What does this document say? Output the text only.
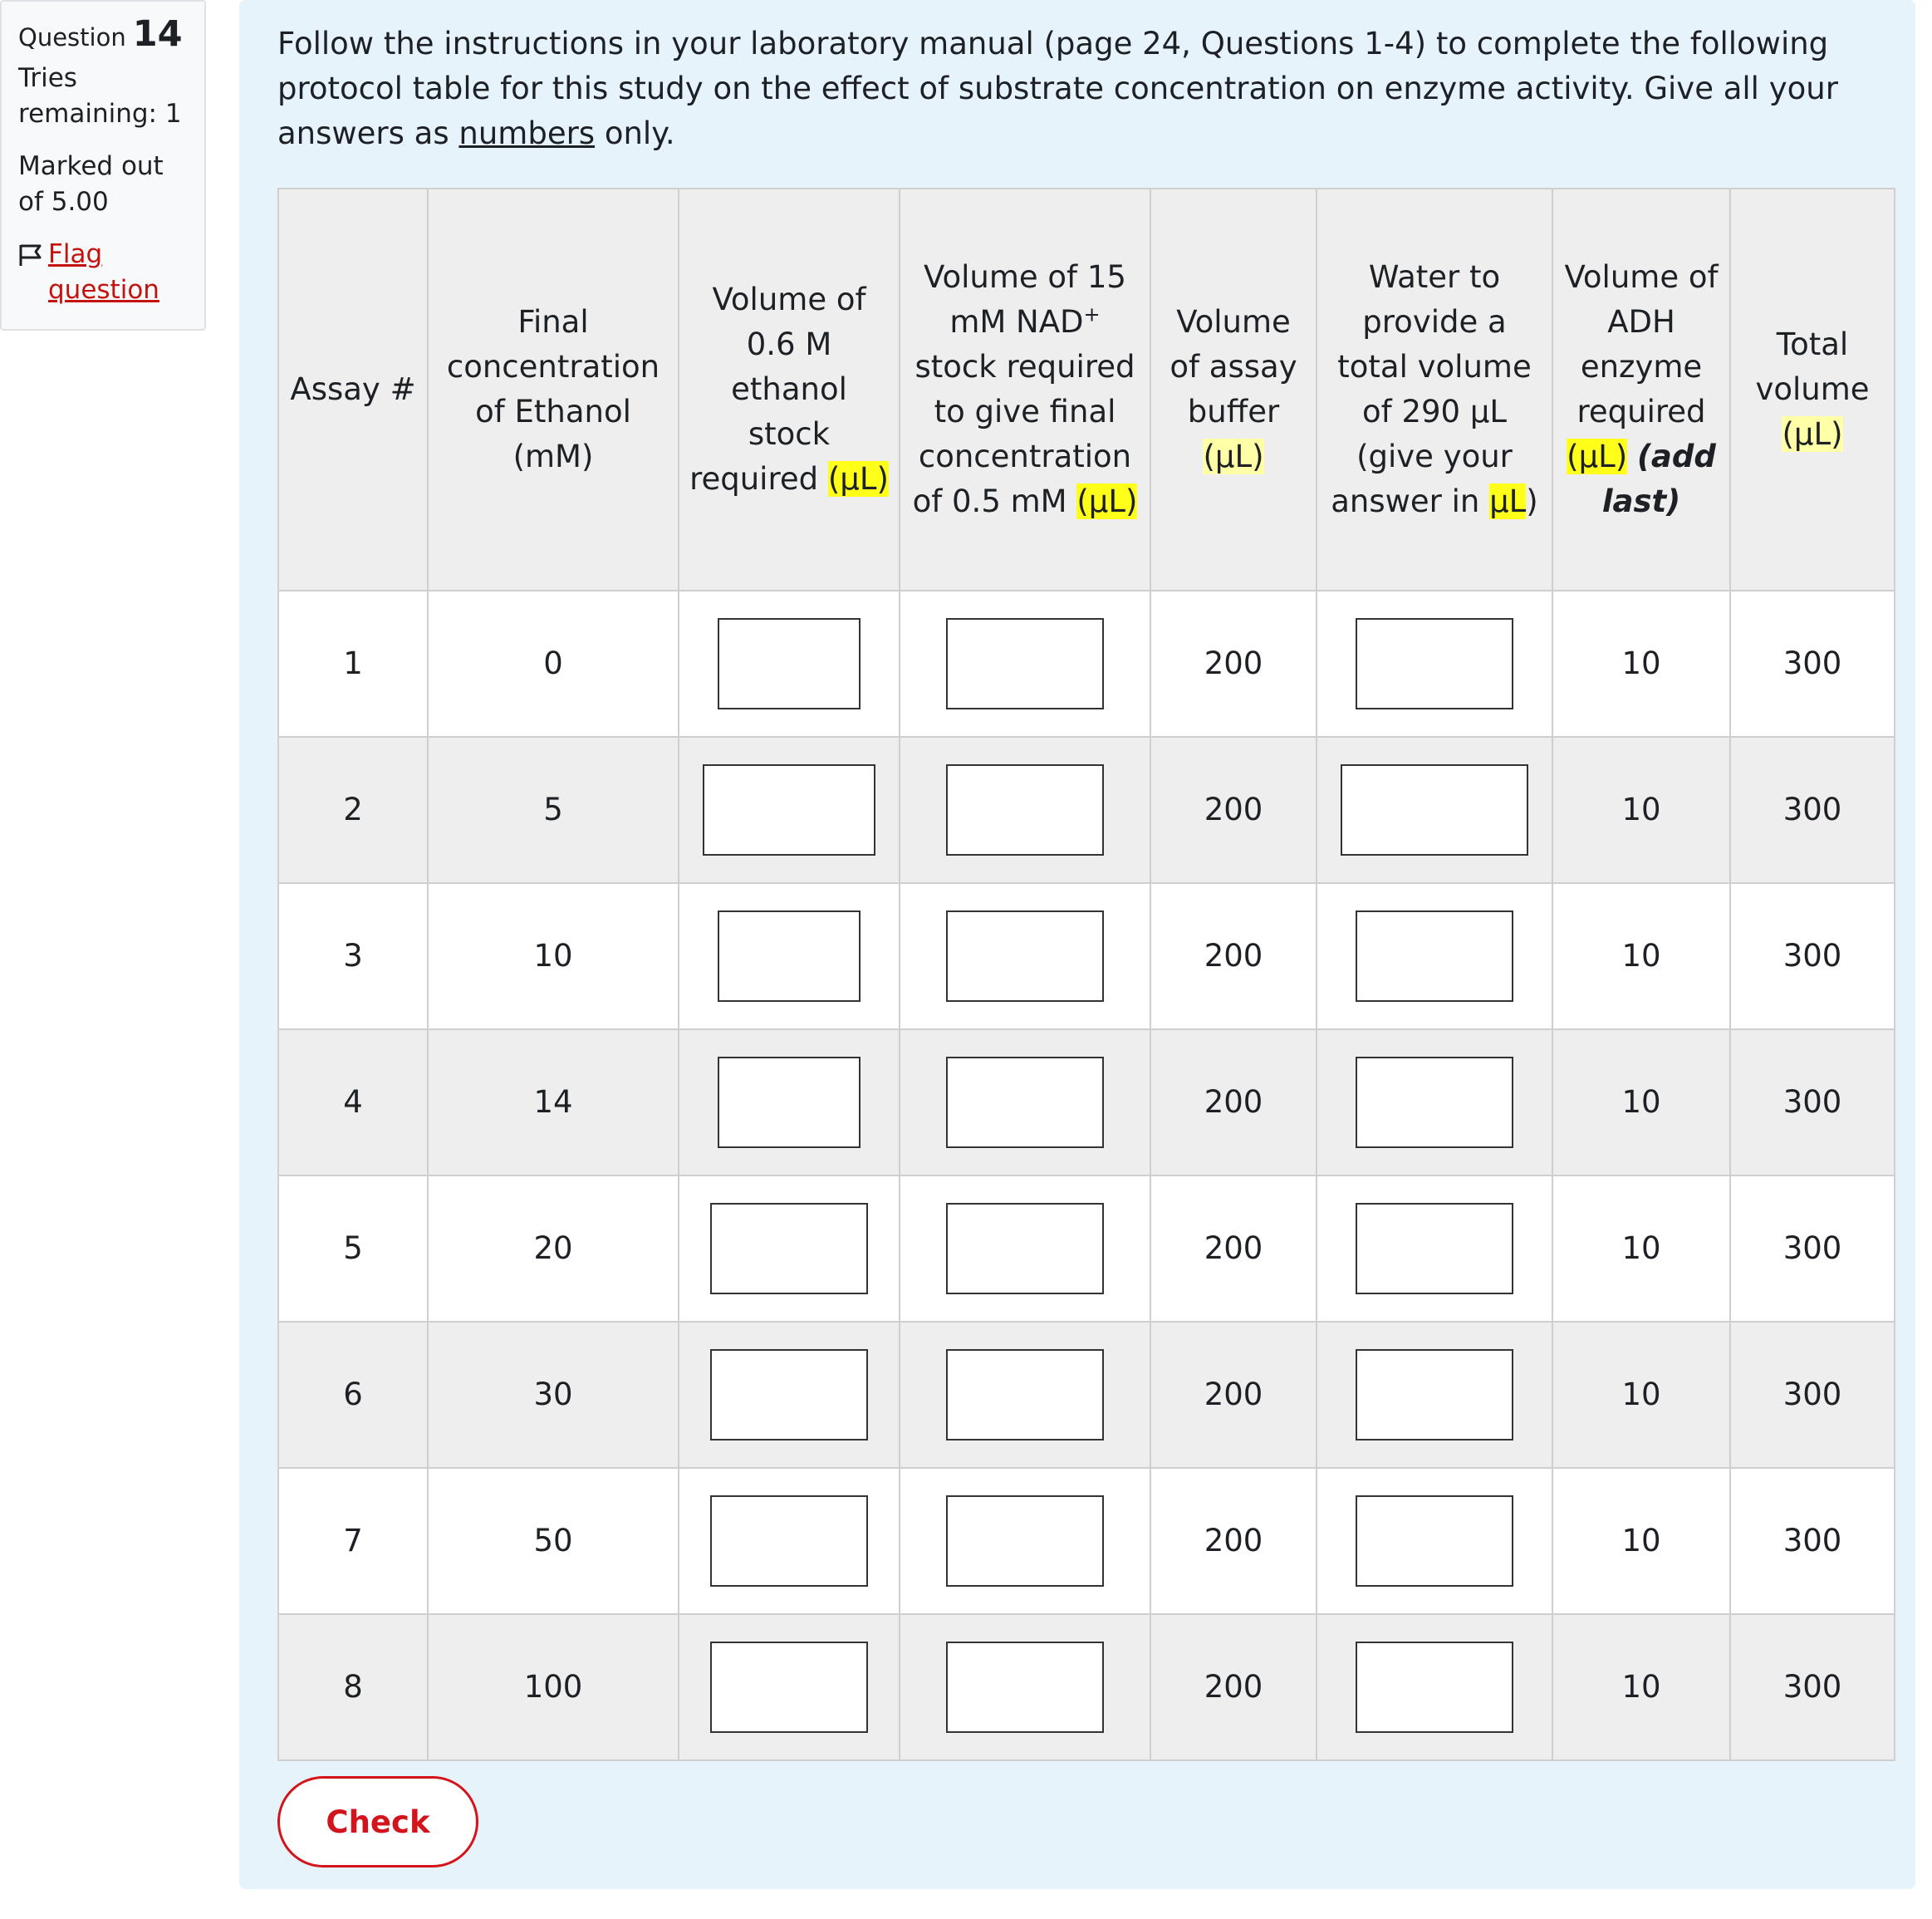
Question 14
Tries remaining: 1
Marked out of 5.00
Flag question

Follow the instructions in your laboratory manual (page 24, Questions 1-4) to complete the following protocol table for this study on the effect of substrate concentration on enzyme activity. Give all your answers as numbers only.

Assay #	Final concentration of Ethanol (mM)	Volume of 0.6 M ethanol stock required (µL)	Volume of 15 mM NAD+ stock required to give final concentration of 0.5 mM (µL)	Volume of assay buffer (µL)	Water to provide a total volume of 290 µL (give your answer in µL)	Volume of ADH enzyme required (µL) (add last)	Total volume (µL)
1	0			200		10	300
2	5			200		10	300
3	10			200		10	300
4	14			200		10	300
5	20			200		10	300
6	30			200		10	300
7	50			200		10	300
8	100			200		10	300
Check
